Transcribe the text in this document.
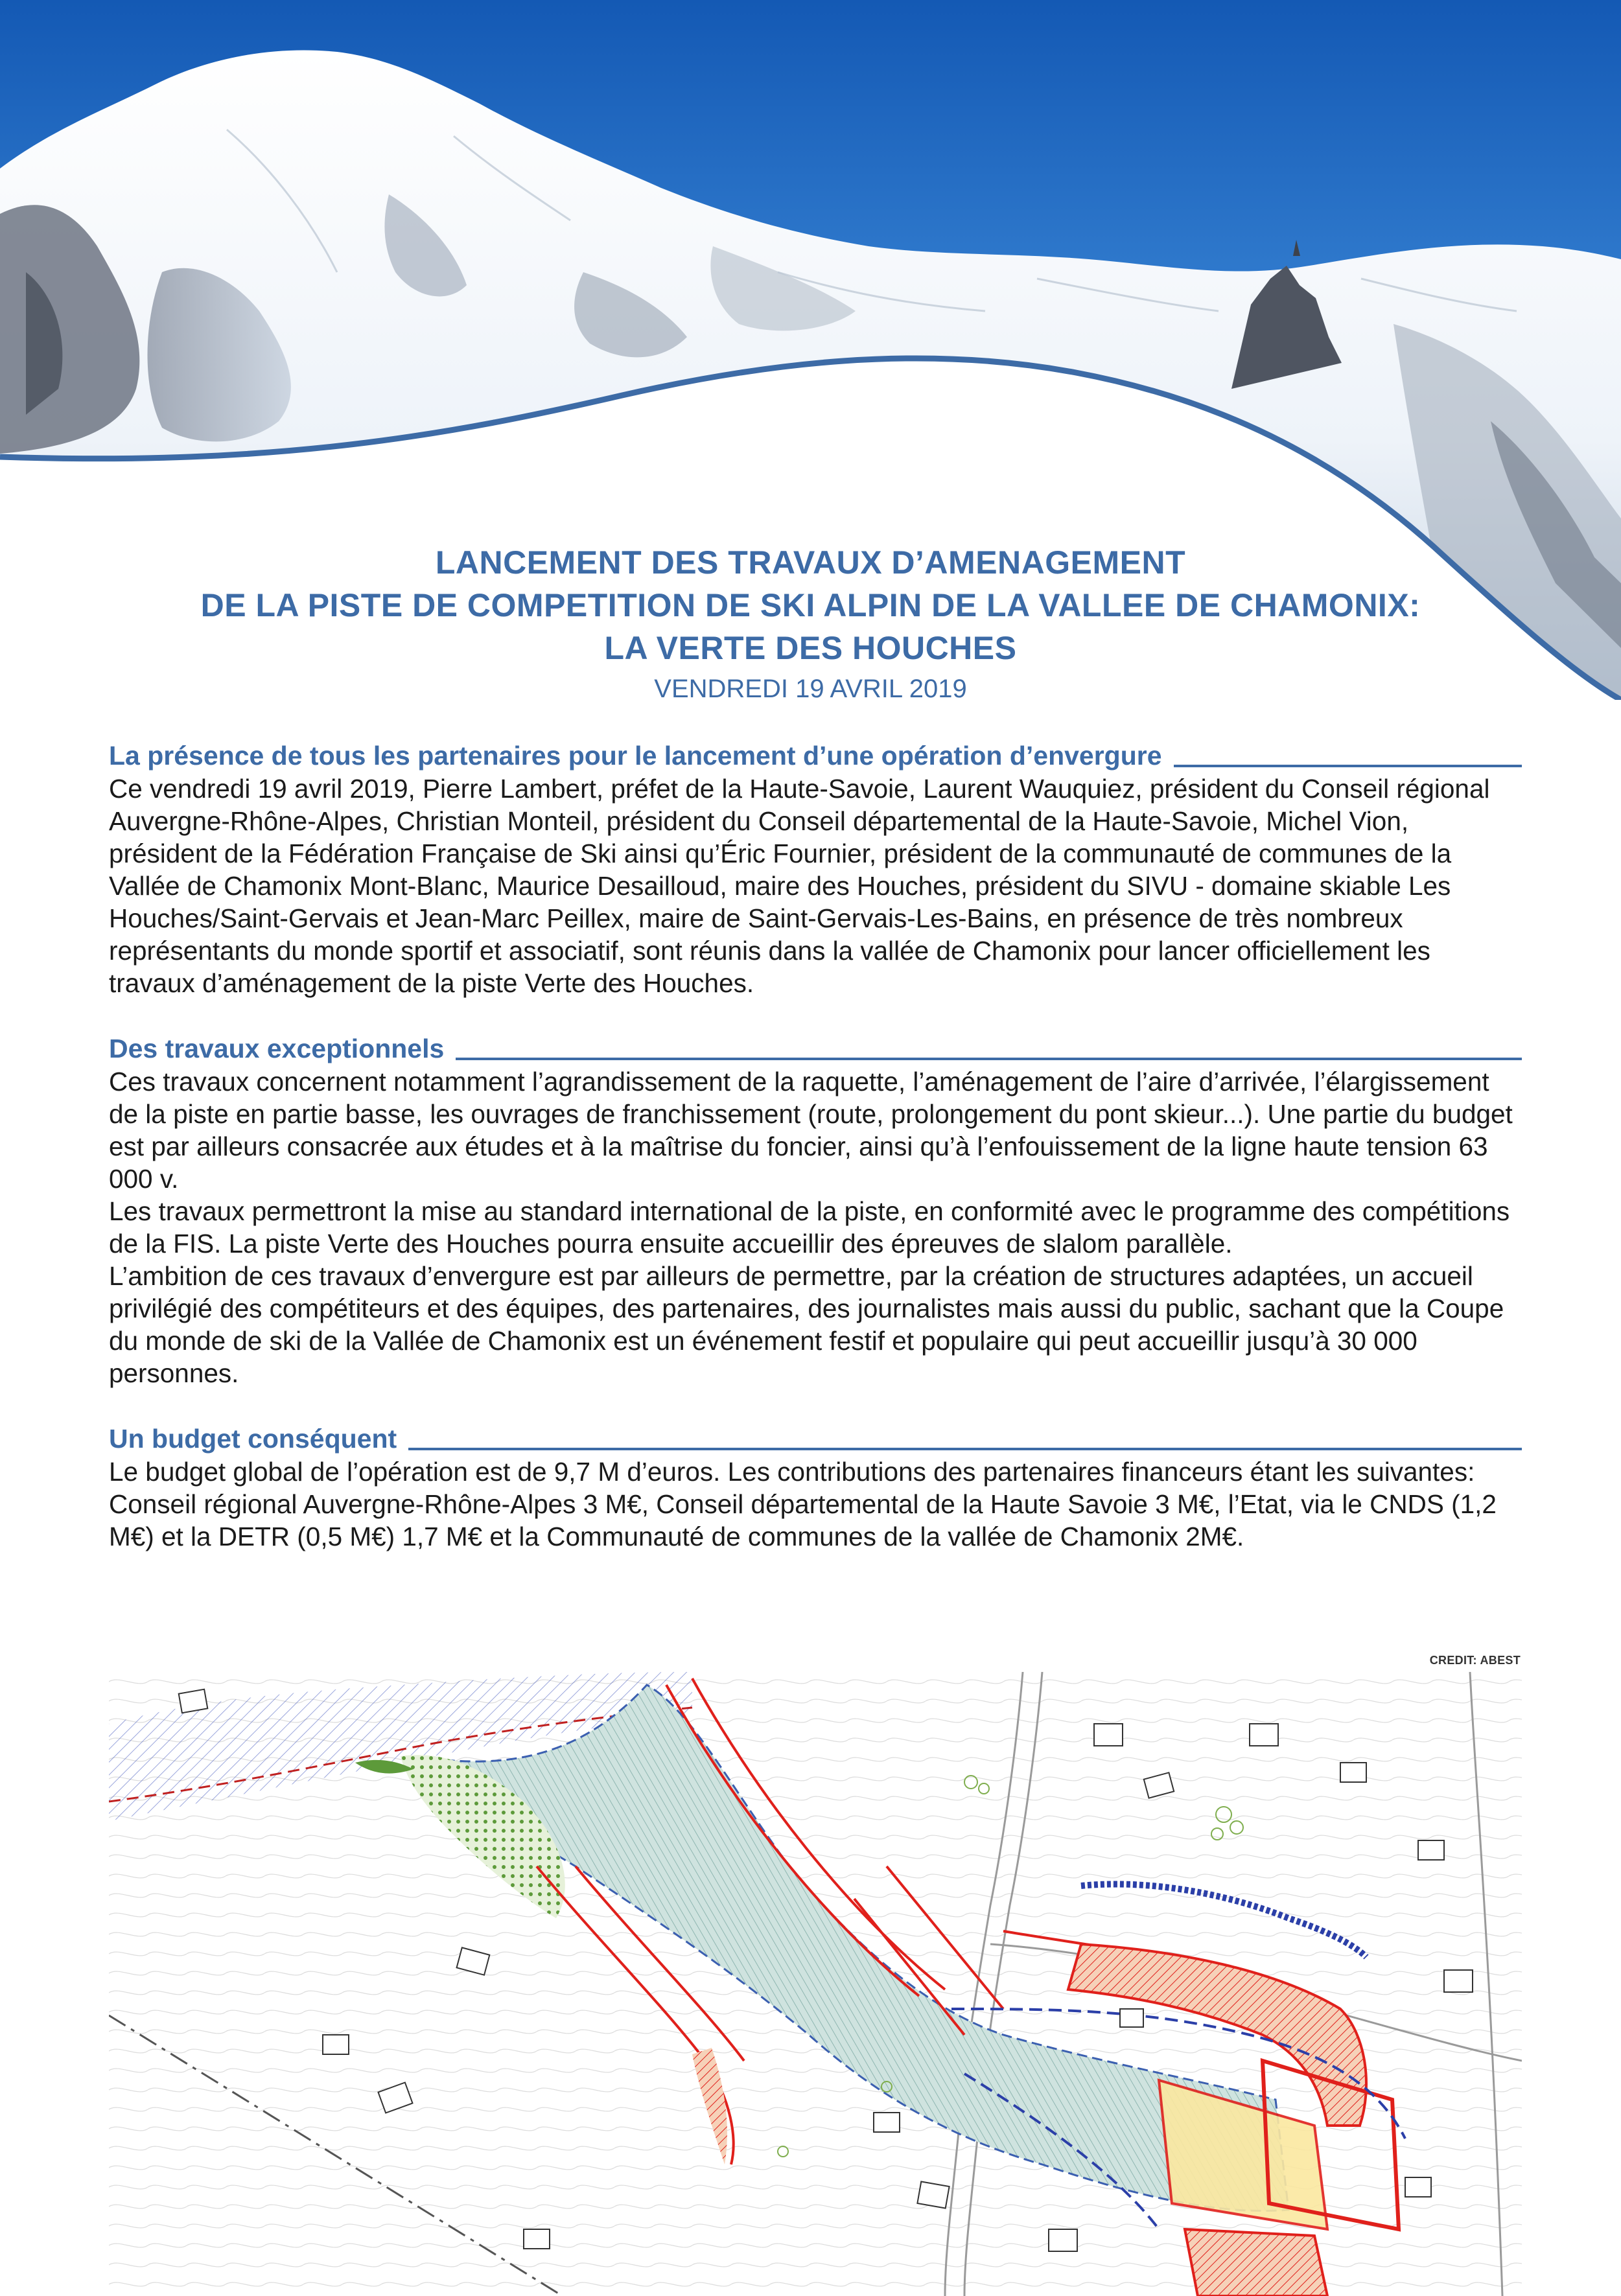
LANCEMENT DES TRAVAUX D’AMENAGEMENT
DE LA PISTE DE COMPETITION DE SKI ALPIN DE LA VALLEE DE CHAMONIX:
LA VERTE DES HOUCHES
VENDREDI 19 AVRIL 2019
La présence de tous les partenaires pour le lancement d’une opération d’envergure

Ce vendredi 19 avril 2019, Pierre Lambert, préfet de la Haute-Savoie, Laurent Wauquiez, président du Conseil régional Auvergne-Rhône-Alpes, Christian Monteil, président du Conseil départemental de la Haute-Savoie, Michel Vion, président de la Fédération Française de Ski ainsi qu’Éric Fournier, président de la communauté de communes de la Vallée de Chamonix Mont-Blanc, Maurice Desailloud, maire des Houches, président du SIVU - domaine skiable Les Houches/Saint-Gervais et Jean-Marc Peillex, maire de Saint-Gervais-Les-Bains, en présence de très nombreux représentants du monde sportif et associatif, sont réunis dans la vallée de Chamonix pour lancer officiellement les travaux d’aménagement de la piste Verte des Houches.

Des travaux exceptionnels

Ces travaux concernent notamment l’agrandissement de la raquette, l’aménagement de l’aire d’arrivée, l’élargissement de la piste en partie basse, les ouvrages de franchissement (route, prolongement du pont skieur...). Une partie du budget est par ailleurs consacrée aux études et à la maîtrise du foncier, ainsi qu’à l’enfouissement de la ligne haute tension 63 000 v.

Les travaux permettront la mise au standard international de la piste, en conformité avec le programme des compétitions de la FIS. La piste Verte des Houches pourra ensuite accueillir des épreuves de slalom parallèle.

L’ambition de ces travaux d’envergure est par ailleurs de permettre, par la création de structures adaptées, un accueil privilégié des compétiteurs et des équipes, des partenaires, des journalistes mais aussi du public, sachant que la Coupe du monde de ski de la Vallée de Chamonix est un événement festif et populaire qui peut accueillir jusqu’à 30 000 personnes.

Un budget conséquent

Le budget global de l’opération est de 9,7 M d’euros. Les contributions des partenaires financeurs étant les suivantes: Conseil régional Auvergne-Rhône-Alpes 3 M€, Conseil départemental de la Haute Savoie 3 M€, l’Etat, via le CNDS (1,2 M€) et la DETR (0,5 M€) 1,7 M€ et la Communauté de communes de la vallée de Chamonix 2M€.

CREDIT: ABEST
